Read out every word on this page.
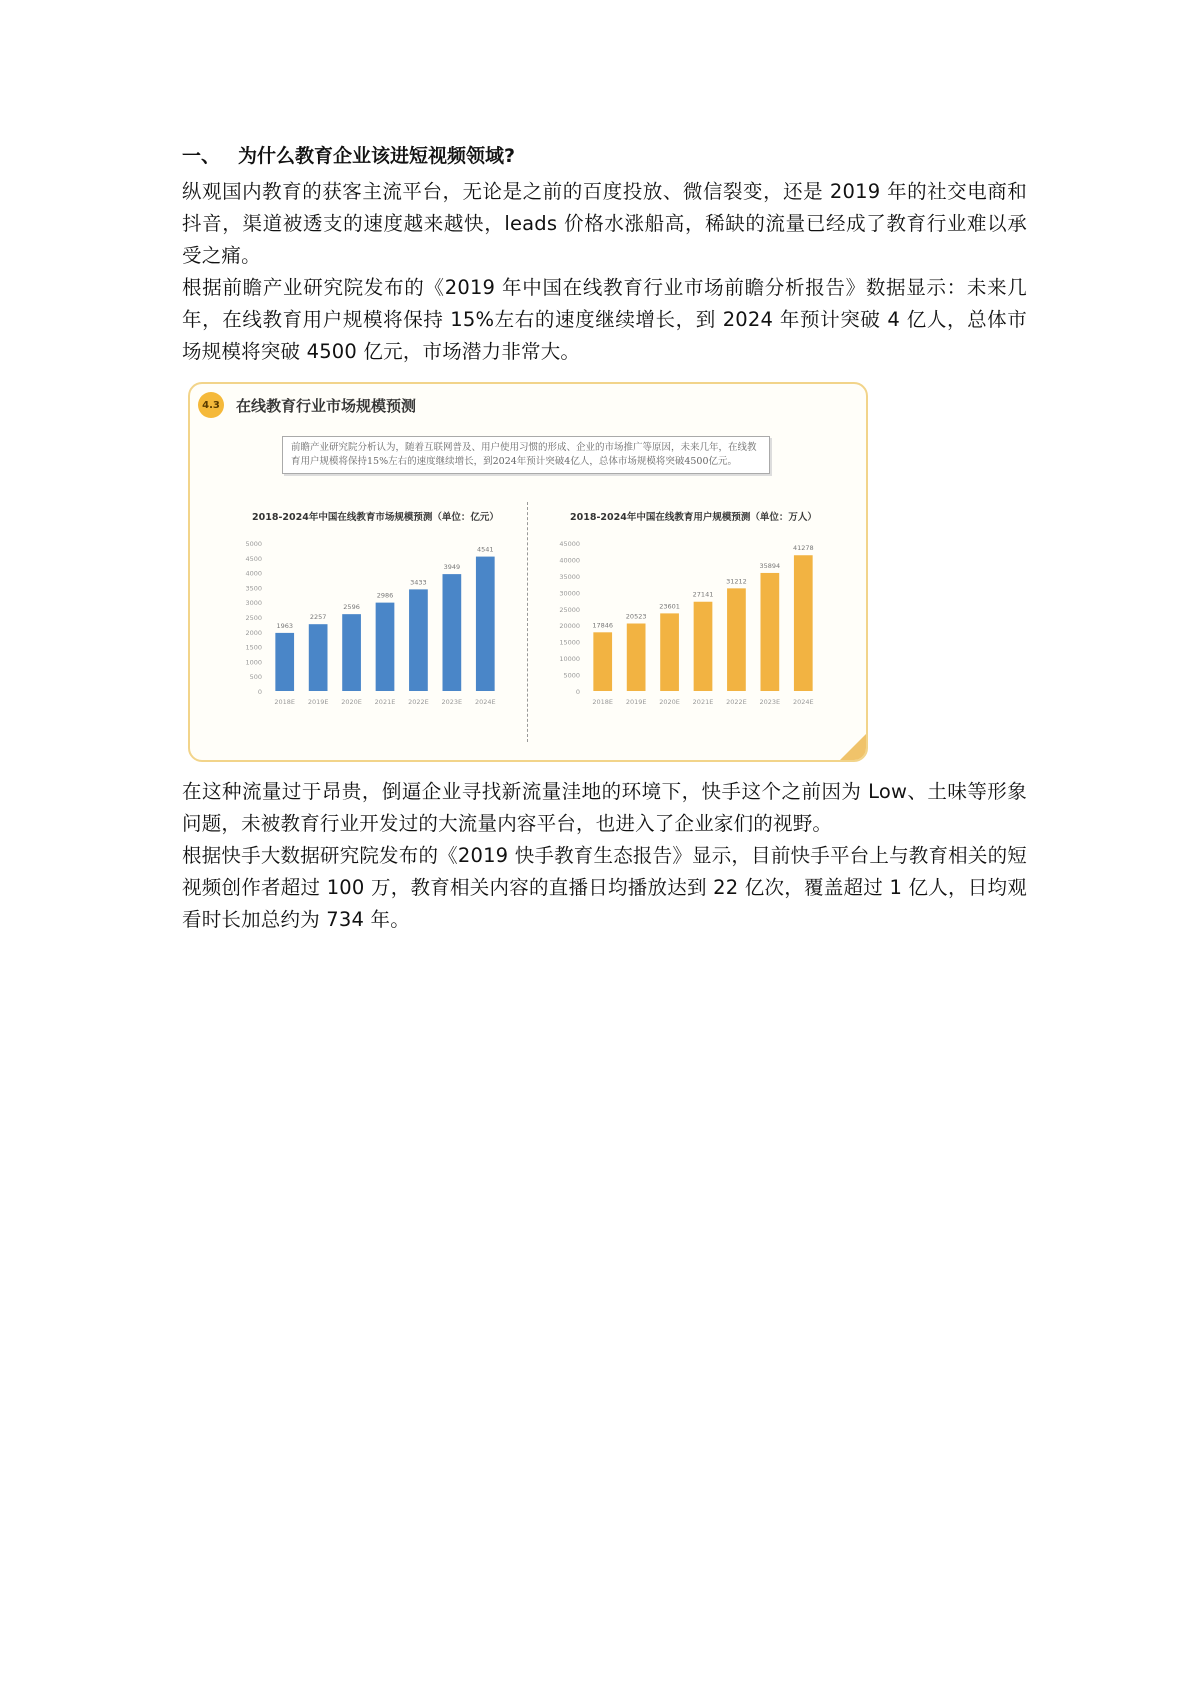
一、 为什么教育企业该进短视频领域?

纵观国内教育的获客主流平台，无论是之前的百度投放、微信裂变，还是 2019 年的社交电商和抖音，渠道被透支的速度越来越快，leads 价格水涨船高，稀缺的流量已经成了教育行业难以承受之痛。

根据前瞻产业研究院发布的《2019 年中国在线教育行业市场前瞻分析报告》数据显示：未来几年，在线教育用户规模将保持 15%左右的速度继续增长，到 2024 年预计突破 4 亿人，总体市场规模将突破 4500 亿元，市场潜力非常大。

4.3 在线教育行业市场规模预测
前瞻产业研究院分析认为，随着互联网普及、用户使用习惯的形成、企业的市场推广等原因，未来几年，在线教育用户规模将保持15%左右的速度继续增长，到2024年预计突破4亿人，总体市场规模将突破4500亿元。
2018-2024年中国在线教育市场规模预测（单位：亿元）
0
500
1000
1500
2000
2500
3000
3500
4000
4500
5000
1963
2018E
2257
2019E
2596
2020E
2986
2021E
3433
2022E
3949
2023E
4541
2024E
2018-2024年中国在线教育用户规模预测（单位：万人）
0
5000
10000
15000
20000
25000
30000
35000
40000
45000
17846
2018E
20523
2019E
23601
2020E
27141
2021E
31212
2022E
35894
2023E
41278
2024E

在这种流量过于昂贵，倒逼企业寻找新流量洼地的环境下，快手这个之前因为 Low、土味等形象问题，未被教育行业开发过的大流量内容平台，也进入了企业家们的视野。

根据快手大数据研究院发布的《2019 快手教育生态报告》显示，目前快手平台上与教育相关的短视频创作者超过 100 万，教育相关内容的直播日均播放达到 22 亿次，覆盖超过 1 亿人，日均观看时长加总约为 734 年。
